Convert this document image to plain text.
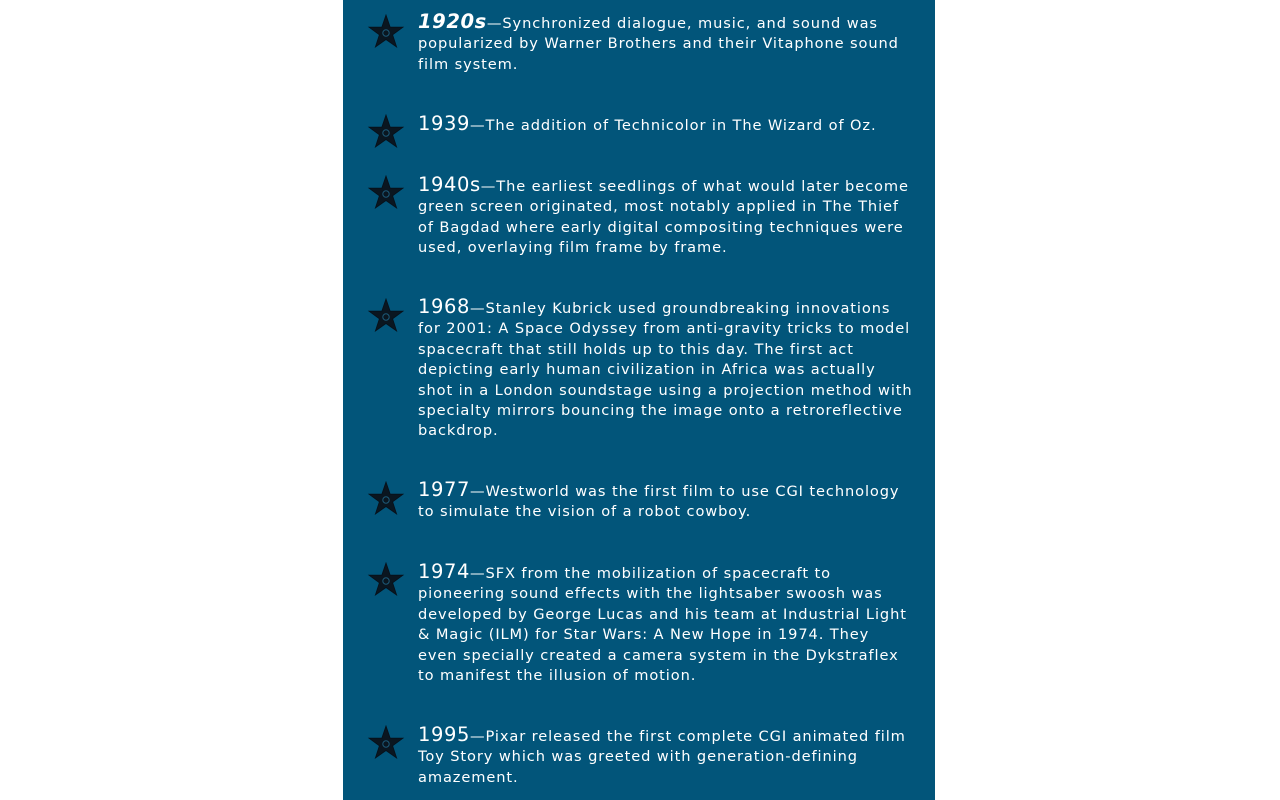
1920s—Synchronized dialogue, music, and sound was popularized by Warner Brothers and their Vitaphone sound film system.

1939—The addition of Technicolor in The Wizard of Oz.

1940s—The earliest seedlings of what would later become green screen originated, most notably applied in The Thief of Bagdad where early digital compositing techniques were used, overlaying film frame by frame.

1968—Stanley Kubrick used groundbreaking innovations for 2001: A Space Odyssey from anti-gravity tricks to model spacecraft that still holds up to this day. The first act depicting early human civilization in Africa was actually shot in a London soundstage using a projection method with specialty mirrors bouncing the image onto a retroreflective backdrop.

1977—Westworld was the first film to use CGI technology to simulate the vision of a robot cowboy.

1974—SFX from the mobilization of spacecraft to pioneering sound effects with the lightsaber swoosh was developed by George Lucas and his team at Industrial Light & Magic (ILM) for Star Wars: A New Hope in 1974. They even specially created a camera system in the Dykstraflex to manifest the illusion of motion.

1995—Pixar released the first complete CGI animated film Toy Story which was greeted with generation-defining amazement.
